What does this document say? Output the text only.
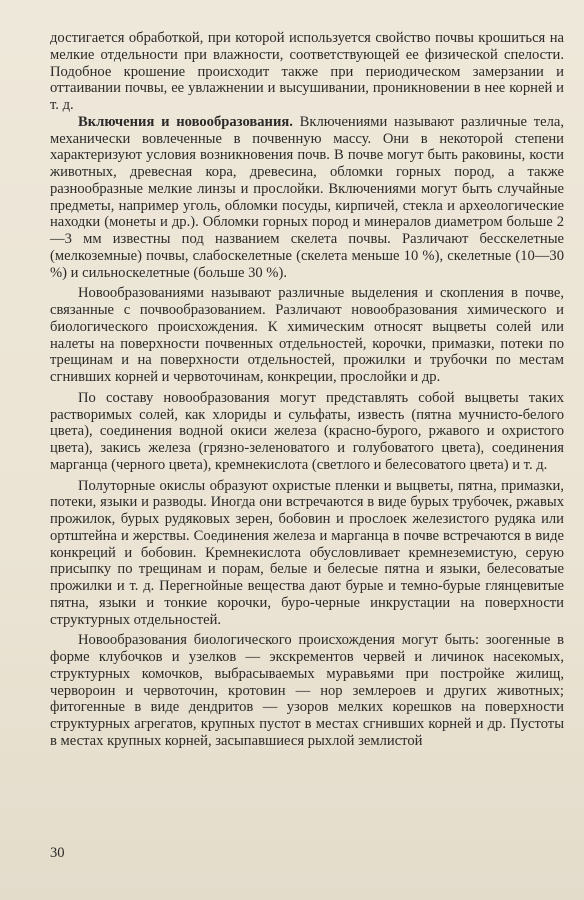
достигается обработкой, при которой используется свойство почвы крошиться на мелкие отдельности при влажности, соответствующей ее физической спелости. Подобное крошение происходит также при периодическом замерзании и оттаивании почвы, ее увлажнении и высушивании, проникновении в нее корней и т. д.

Включения и новообразования. Включениями называют различные тела, механически вовлеченные в почвенную массу. Они в некоторой степени характеризуют условия возникновения почв. В почве могут быть раковины, кости животных, древесная кора, древесина, обломки горных пород, а также разнообразные мелкие линзы и прослойки. Включениями могут быть случайные предметы, например уголь, обломки посуды, кирпичей, стекла и археологические находки (монеты и др.). Обломки горных пород и минералов диаметром больше 2—3 мм известны под названием скелета почвы. Различают бесскелетные (мелкоземные) почвы, слабоскелетные (скелета меньше 10 %), скелетные (10—30 %) и сильноскелетные (больше 30 %).

Новообразованиями называют различные выделения и скопления в почве, связанные с почвообразованием. Различают новообразования химического и биологического происхождения. К химическим относят выцветы солей или налеты на поверхности почвенных отдельностей, корочки, примазки, потеки по трещинам и на поверхности отдельностей, прожилки и трубочки по местам сгнивших корней и червоточинам, конкреции, прослойки и др.

По составу новообразования могут представлять собой выцветы таких растворимых солей, как хлориды и сульфаты, известь (пятна мучнисто-белого цвета), соединения водной окиси железа (красно-бурого, ржавого и охристого цвета), закись железа (грязно-зеленоватого и голубоватого цвета), соединения марганца (черного цвета), кремнекислота (светлого и белесоватого цвета) и т. д.

Полуторные окислы образуют охристые пленки и выцветы, пятна, примазки, потеки, языки и разводы. Иногда они встречаются в виде бурых трубочек, ржавых прожилок, бурых рудяковых зерен, бобовин и прослоек железистого рудяка или ортштейна и жерствы. Соединения железа и марганца в почве встречаются в виде конкреций и бобовин. Кремнекислота обусловливает кремнеземистую, серую присыпку по трещинам и порам, белые и белесые пятна и языки, белесоватые прожилки и т. д. Перегнойные вещества дают бурые и темно-бурые глянцевитые пятна, языки и тонкие корочки, буро-черные инкрустации на поверхности структурных отдельностей.

Новообразования биологического происхождения могут быть: зоогенные в форме клубочков и узелков — экскрементов червей и личинок насекомых, структурных комочков, выбрасываемых муравьями при постройке жилищ, червороин и червоточин, кротовин — нор землероев и других животных; фитогенные в виде дендритов — узоров мелких корешков на поверхности структурных агрегатов, крупных пустот в местах сгнивших корней и др. Пустоты в местах крупных корней, засыпавшиеся рыхлой землистой

30
